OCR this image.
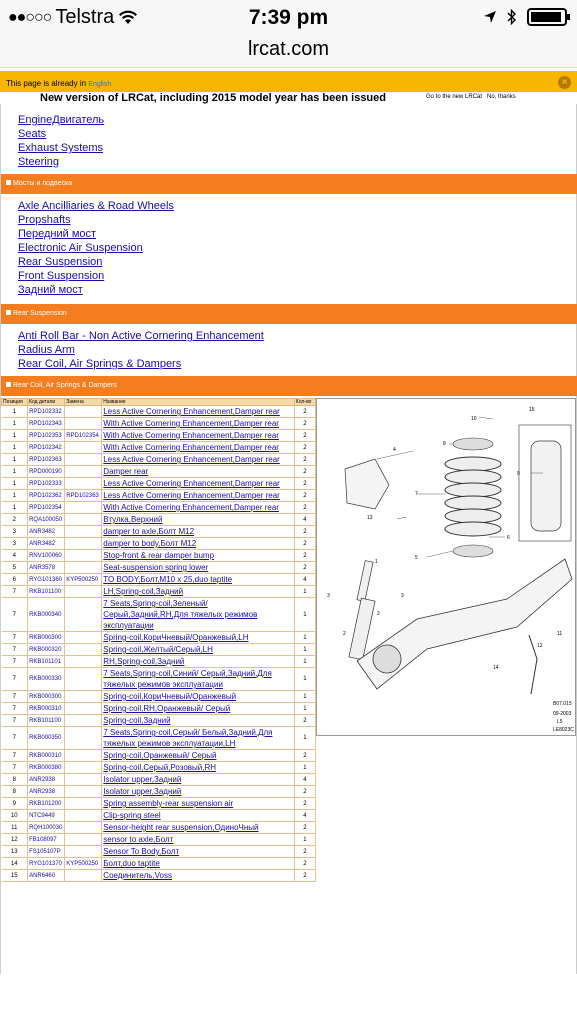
●●○○○ Telstra	7:39 pm
lrcat.com
This page is already in English	×
New version of LRCat, including 2015 model year has been issued	Go to the new LRCat No, thanks
EngineДвигатель
Seats
Exhaust Systems
Steering
Мосты и подвеска
Axle Ancilliaries & Road Wheels
Propshafts
Передний мост
Electronic Air Suspension
Rear Suspension
Front Suspension
Задний мост
Rear Suspension
Anti Roll Bar - Non Active Cornering Enhancement
Radius Arm
Rear Coil, Air Springs & Dampers
Rear Coil, Air Springs & Dampers
Позиция	Код детали	Замена	Название	Кол-во
1	RPD102332		Less Active Cornering Enhancement,Damper rear	2
1	RPD102343		With Active Cornering Enhancement,Damper rear	2
1	RPD102353	RPD102354	With Active Cornering Enhancement,Damper rear	2
1	RPD102342		With Active Cornering Enhancement,Damper rear	2
1	RPD102363		Less Active Cornering Enhancement,Damper rear	2
1	RPD000190		Damper rear	2
1	RPD102333		Less Active Cornering Enhancement,Damper rear	2
1	RPD102362	RPD102363	Less Active Cornering Enhancement,Damper rear	2
1	RPD102354		With Active Cornering Enhancement,Damper rear	2
2	RQA100050		Втулка,Верхний	4
3	ANR3482		damper to axle,Болт M12	2
3	ANR3482		damper to body,Болт M12	2
4	RNV100060		Stop-front & rear damper bump	2
5	ANR3578		Seat-suspension spring lower	2
6	RYG101360	KYP500250	TO BODY,Болт,M10 x 25,duo taptite	4
7	RKB101100		LH,Spring-coil,Задний	1
7	RKB000340		7 Seats,Spring-coil,Зеленый/ Серый,Задний,RH,Для тяжелых режимов эксплуатации	1
7	RKB000300		Spring-coil,КориЧневый/Оранжевый,LH	1
7	RKB000320		Spring-coil,Желтый/Серый,LH	1
7	RKB101101		RH,Spring-coil,Задний	1
7	RKB000330		7 Seats,Spring-coil,Синий/ Серый,Задний,Для тяжелых режимов эксплуатации	1
7	RKB000300		Spring-coil,КориЧневый/Оранжевый	1
7	RKB000310		Spring-coil,RH,Оранжевый/ Серый	1
7	RKB101100		Spring-coil,Задний	2
7	RKB000350		7 Seats,Spring-coil,Серый/ Белый,Задний,Для тяжелых режимов эксплуатации,LH	1
7	RKB000310		Spring-coil,Оранжевый/ Серый	2
7	RKB000380		Spring-coil,Серый,Розовый,RH	1
8	ANR2938		Isolator upper,Задний	4
8	ANR2938		Isolator upper,Задний	2
9	RKB101200		Spring assembly-rear suspension air	2
10	NTC9449		Clip-spring steel	4
11	RQH100030		Sensor-height rear suspension,ОдиноЧный	2
12	FB108097		sensor to axle,Болт	1
13	FS105107P		Sensor To Body,Болт	2
14	RYG101370	KYP500250	Болт,duo taptite	2
15	ANR6460		Соединитель,Voss	2
10
15
8
4
7
9
13
6
5
1
3	3
2
2
11
12
14
B07.015
09-2003
L5
LE8023C
